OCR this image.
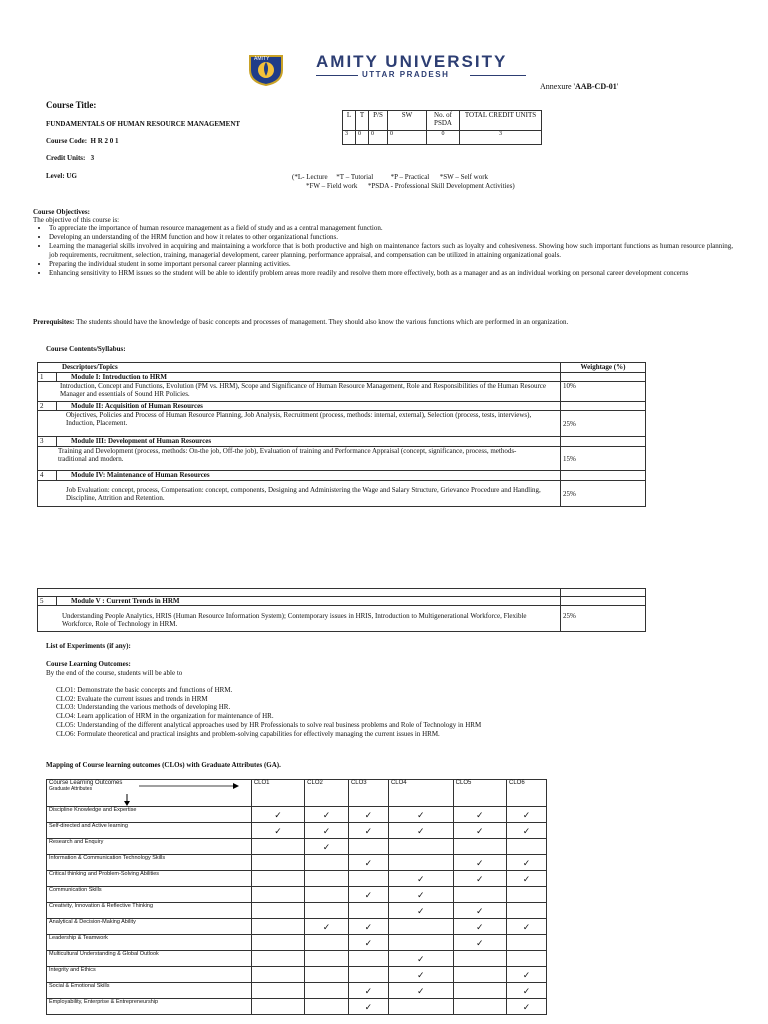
AMITY	AMITY UNIVERSITY
UTTAR PRADESH
Annexure 'AAB-CD-01'
Course Title:
FUNDAMENTALS OF HUMAN RESOURCE MANAGEMENT
Course Code: H R 2 0 1
Credit Units: 3
Level: UG
L	T	P/S	SW	No. of PSDA	TOTAL CREDIT UNITS
3	0	0	0	0	3
(*L- Lecture     *T – Tutorial          *P – Practical      *SW – Self work
*FW – Field work      *PSDA - Professional Skill Development Activities)
Course Objectives:
The objective of this course is:
• To appreciate the importance of human resource management as a field of study and as a central management function.
• Developing an understanding of the HRM function and how it relates to other organizational functions.
• Learning the managerial skills involved in acquiring and maintaining a workforce that is both productive and high on maintenance factors such as loyalty and cohesiveness. Showing how such important functions as human resource planning, job requirements, recruitment, selection, training, managerial development, career planning, performance appraisal, and compensation can be utilized in attaining organizational goals.
• Preparing the individual student in some important personal career planning activities.
• Enhancing sensitivity to HRM issues so the student will be able to identify problem areas more readily and resolve them more effectively, both as a manager and as an individual working on personal career development concerns
Prerequisites: The students should have the knowledge of basic concepts and processes of management. They should also know the various functions which are performed in an organization.
Course Contents/Syllabus:
Descriptors/Topics		Weightage (%)
1	Module I: Introduction to HRM	
Introduction, Concept and Functions, Evolution (PM vs. HRM), Scope and Significance of Human Resource Management, Role and Responsibilities of the Human Resource Manager and essentials of Sound HR Policies.		10%
2	Module II: Acquisition of Human Resources	
Objectives, Policies and Process of Human Resource Planning, Job Analysis, Recruitment (process, methods: internal, external), Selection (process, tests, interviews), Induction, Placement.		25%
3	Module III: Development of Human Resources	
Training and Development (process, methods: On-the job, Off-the job), Evaluation of training and Performance Appraisal (concept, significance, process, methods- traditional and modern.		15%
4	Module IV: Maintenance of Human Resources	
Job Evaluation: concept, process, Compensation: concept, components, Designing and Administering the Wage and Salary Structure, Grievance Procedure and Handling, Discipline, Attrition and Retention.		25%

5	Module V : Current Trends in HRM	
Understanding People Analytics, HRIS (Human Resource Information System); Contemporary issues in HRIS, Introduction to Multigenerational Workforce, Flexible Workforce, Role of Technology in HRM.		25%
List of Experiments (if any):
Course Learning Outcomes:
By the end of the course, students will be able to
CLO1: Demonstrate the basic concepts and functions of HRM.
CLO2: Evaluate the current issues and trends in HRM
CLO3: Understanding the various methods of developing HR.
CLO4: Learn application of HRM in the organization for maintenance of HR.
CLO5: Understanding of the different analytical approaches used by HR Professionals to solve real business problems and Role of Technology in HRM
CLO6: Formulate theoretical and practical insights and problem-solving capabilities for effectively managing the current issues in HRM.
Mapping of Course learning outcomes (CLOs) with Graduate Attributes (GA).
Course Learning Outcomes
Graduate Attributes	CLO1	CLO2	CLO3	CLO4	CLO5	CLO6
Discipline Knowledge and Expertise	✓	✓	✓	✓	✓	✓
Self-directed and Active learning	✓	✓	✓	✓	✓	✓
Research and Enquiry		✓				
Information & Communication Technology Skills			✓		✓	✓
Critical thinking and Problem-Solving Abilities				✓	✓	✓
Communication Skills			✓	✓		
Creativity, Innovation & Reflective Thinking				✓	✓	
Analytical & Decision-Making Ability		✓	✓		✓	✓
Leadership & Teamwork			✓		✓	
Multicultural Understanding & Global Outlook				✓		
Integrity and Ethics				✓		✓
Social & Emotional Skills			✓	✓		✓
Employability, Enterprise & Entrepreneurship			✓			✓
